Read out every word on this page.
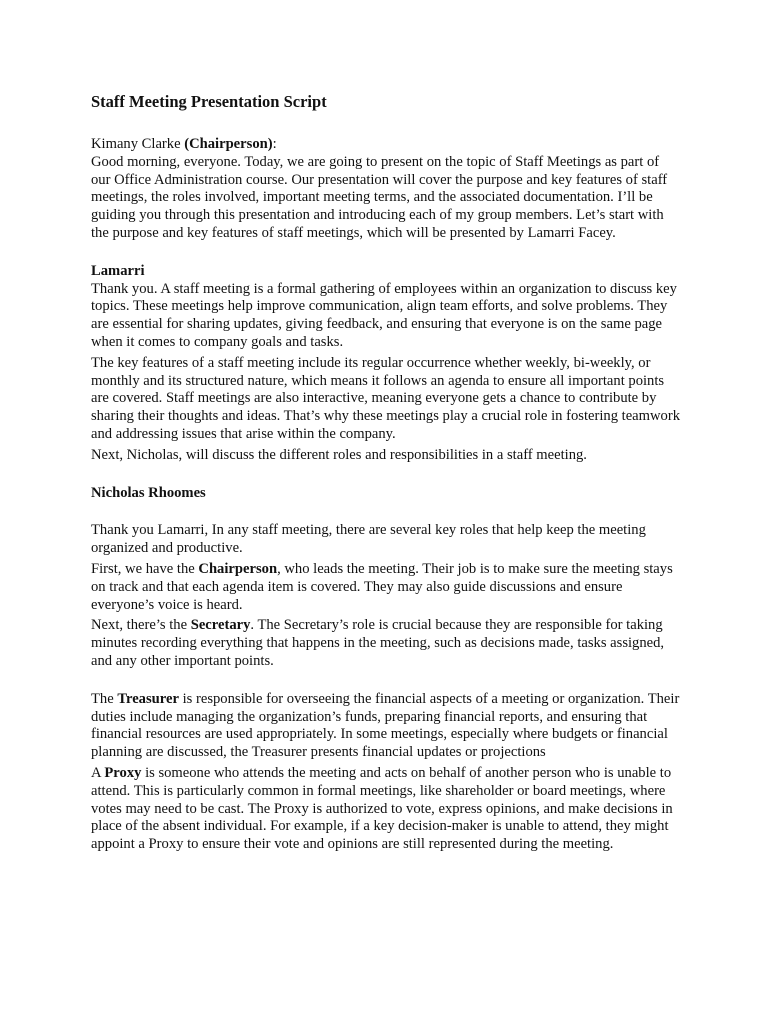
Staff Meeting Presentation Script

Kimany Clarke (Chairperson):
Good morning, everyone. Today, we are going to present on the topic of Staff Meetings as part of our Office Administration course. Our presentation will cover the purpose and key features of staff meetings, the roles involved, important meeting terms, and the associated documentation. I’ll be guiding you through this presentation and introducing each of my group members. Let’s start with the purpose and key features of staff meetings, which will be presented by Lamarri Facey.

Lamarri
Thank you. A staff meeting is a formal gathering of employees within an organization to discuss key topics. These meetings help improve communication, align team efforts, and solve problems. They are essential for sharing updates, giving feedback, and ensuring that everyone is on the same page when it comes to company goals and tasks.

The key features of a staff meeting include its regular occurrence whether weekly, bi-weekly, or monthly and its structured nature, which means it follows an agenda to ensure all important points are covered. Staff meetings are also interactive, meaning everyone gets a chance to contribute by sharing their thoughts and ideas. That’s why these meetings play a crucial role in fostering teamwork and addressing issues that arise within the company.

Next, Nicholas, will discuss the different roles and responsibilities in a staff meeting.

Nicholas Rhoomes

Thank you Lamarri, In any staff meeting, there are several key roles that help keep the meeting organized and productive.

First, we have the Chairperson, who leads the meeting. Their job is to make sure the meeting stays on track and that each agenda item is covered. They may also guide discussions and ensure everyone’s voice is heard.

Next, there’s the Secretary. The Secretary’s role is crucial because they are responsible for taking minutes recording everything that happens in the meeting, such as decisions made, tasks assigned, and any other important points.

The Treasurer is responsible for overseeing the financial aspects of a meeting or organization. Their duties include managing the organization’s funds, preparing financial reports, and ensuring that financial resources are used appropriately. In some meetings, especially where budgets or financial planning are discussed, the Treasurer presents financial updates or projections

A Proxy is someone who attends the meeting and acts on behalf of another person who is unable to attend. This is particularly common in formal meetings, like shareholder or board meetings, where votes may need to be cast. The Proxy is authorized to vote, express opinions, and make decisions in place of the absent individual. For example, if a key decision-maker is unable to attend, they might appoint a Proxy to ensure their vote and opinions are still represented during the meeting.
